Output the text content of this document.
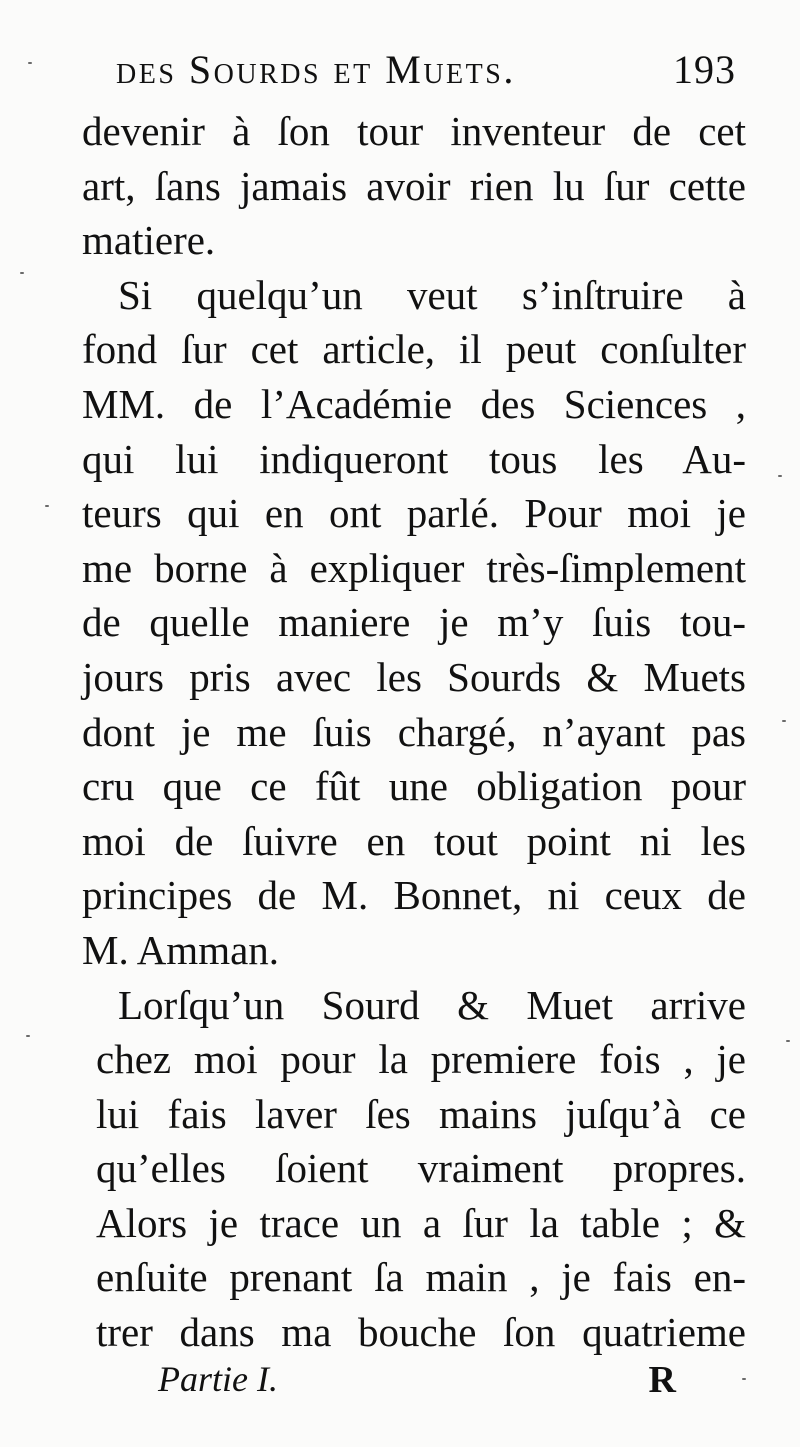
des Sourds et Muets.	193
devenir à ſon tour inventeur de cet
art, ſans jamais avoir rien lu ſur cette
matiere.
Si quelqu’un veut s’inſtruire à
fond ſur cet article, il peut conſulter
MM. de l’Académie des Sciences ,
qui lui indiqueront tous les Au-
teurs qui en ont parlé. Pour moi je
me borne à expliquer très-ſimplement
de quelle maniere je m’y ſuis tou-
jours pris avec les Sourds & Muets
dont je me ſuis chargé, n’ayant pas
cru que ce fût une obligation pour
moi de ſuivre en tout point ni les
principes de M. Bonnet, ni ceux de
M. Amman.
Lorſqu’un Sourd & Muet arrive
chez moi pour la premiere fois , je
lui fais laver ſes mains juſqu’à ce
qu’elles ſoient vraiment propres.
Alors je trace un a ſur la table ; &
enſuite prenant ſa main , je fais en-
trer dans ma bouche ſon quatrieme
Partie I.	R
